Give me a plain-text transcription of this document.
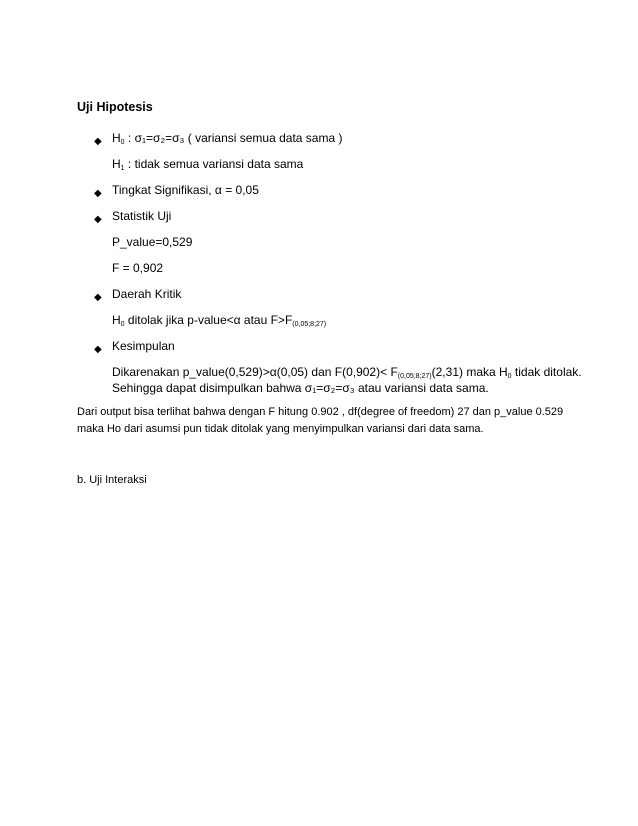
Uji Hipotesis
◆ $H_0$ : σ₁=σ₂=σ₃ ( variansi semua data sama )
$H_1$ : tidak semua variansi data sama
◆ Tingkat Signifikasi, α = 0,05
◆ Statistik Uji
P_value=0,529
F = 0,902
◆ Daerah Kritik
$H_0$ ditolak jika p-value<α atau $F>F_{(0,05;8;27)}$
◆ Kesimpulan
Dikarenakan p_value(0,529)>α(0,05) dan $F(0,902)< F_{(0,05;8;27)}(2,31)$ maka $H_0$ tidak ditolak.
Sehingga dapat disimpulkan bahwa σ₁=σ₂=σ₃ atau variansi data sama.
Dari output bisa terlihat bahwa dengan F hitung 0.902 , df(degree of freedom) 27 dan p_value 0.529
maka Ho dari asumsi pun tidak ditolak yang menyimpulkan variansi dari data sama.
b. Uji Interaksi
